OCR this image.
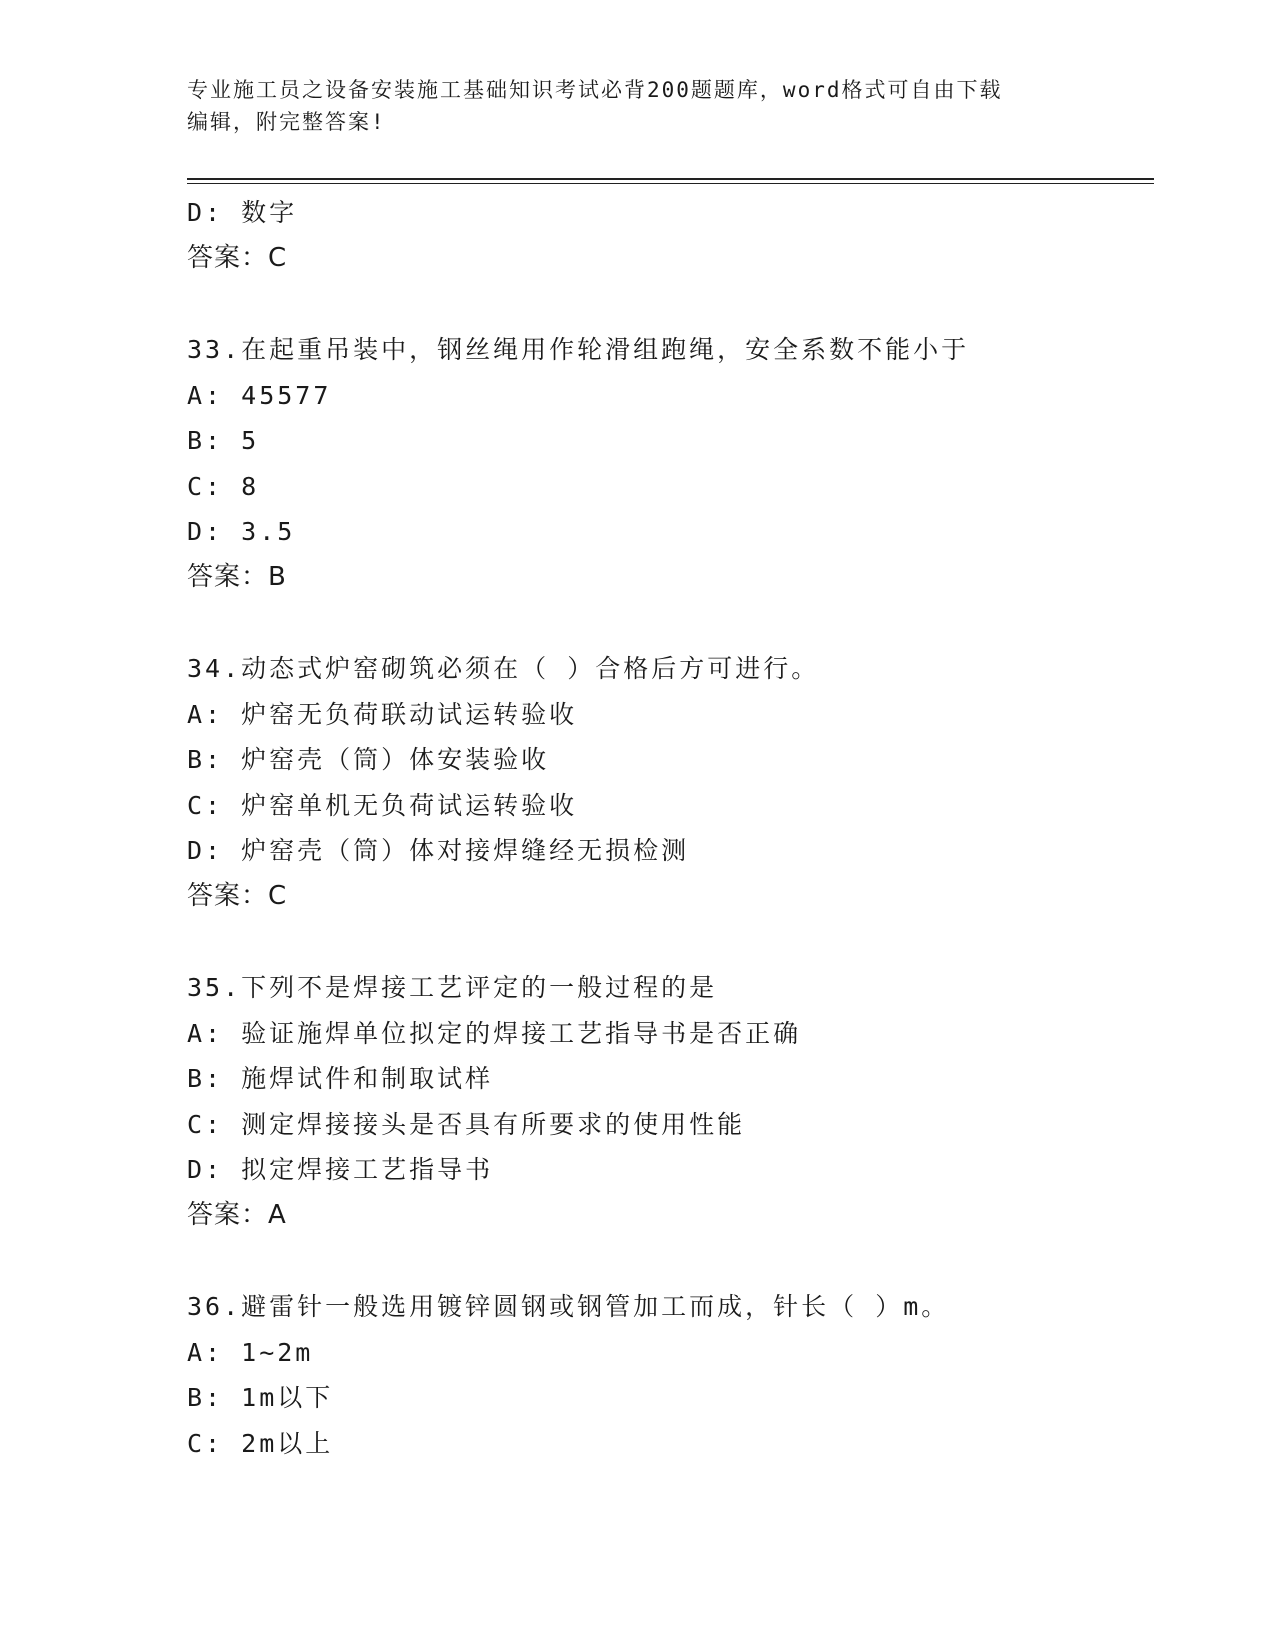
专业施工员之设备安装施工基础知识考试必背200题题库，word格式可自由下载
编辑，附完整答案!
D: 数字
答案：C
33.在起重吊装中，钢丝绳用作轮滑组跑绳，安全系数不能小于
A: 45577
B: 5
C: 8
D: 3.5
答案：B
34.动态式炉窑砌筑必须在（ ）合格后方可进行。
A: 炉窑无负荷联动试运转验收
B: 炉窑壳（筒）体安装验收
C: 炉窑单机无负荷试运转验收
D: 炉窑壳（筒）体对接焊缝经无损检测
答案：C
35.下列不是焊接工艺评定的一般过程的是
A: 验证施焊单位拟定的焊接工艺指导书是否正确
B: 施焊试件和制取试样
C: 测定焊接接头是否具有所要求的使用性能
D: 拟定焊接工艺指导书
答案：A
36.避雷针一般选用镀锌圆钢或钢管加工而成，针长（ ）m。
A: 1~2m
B: 1m以下
C: 2m以上
